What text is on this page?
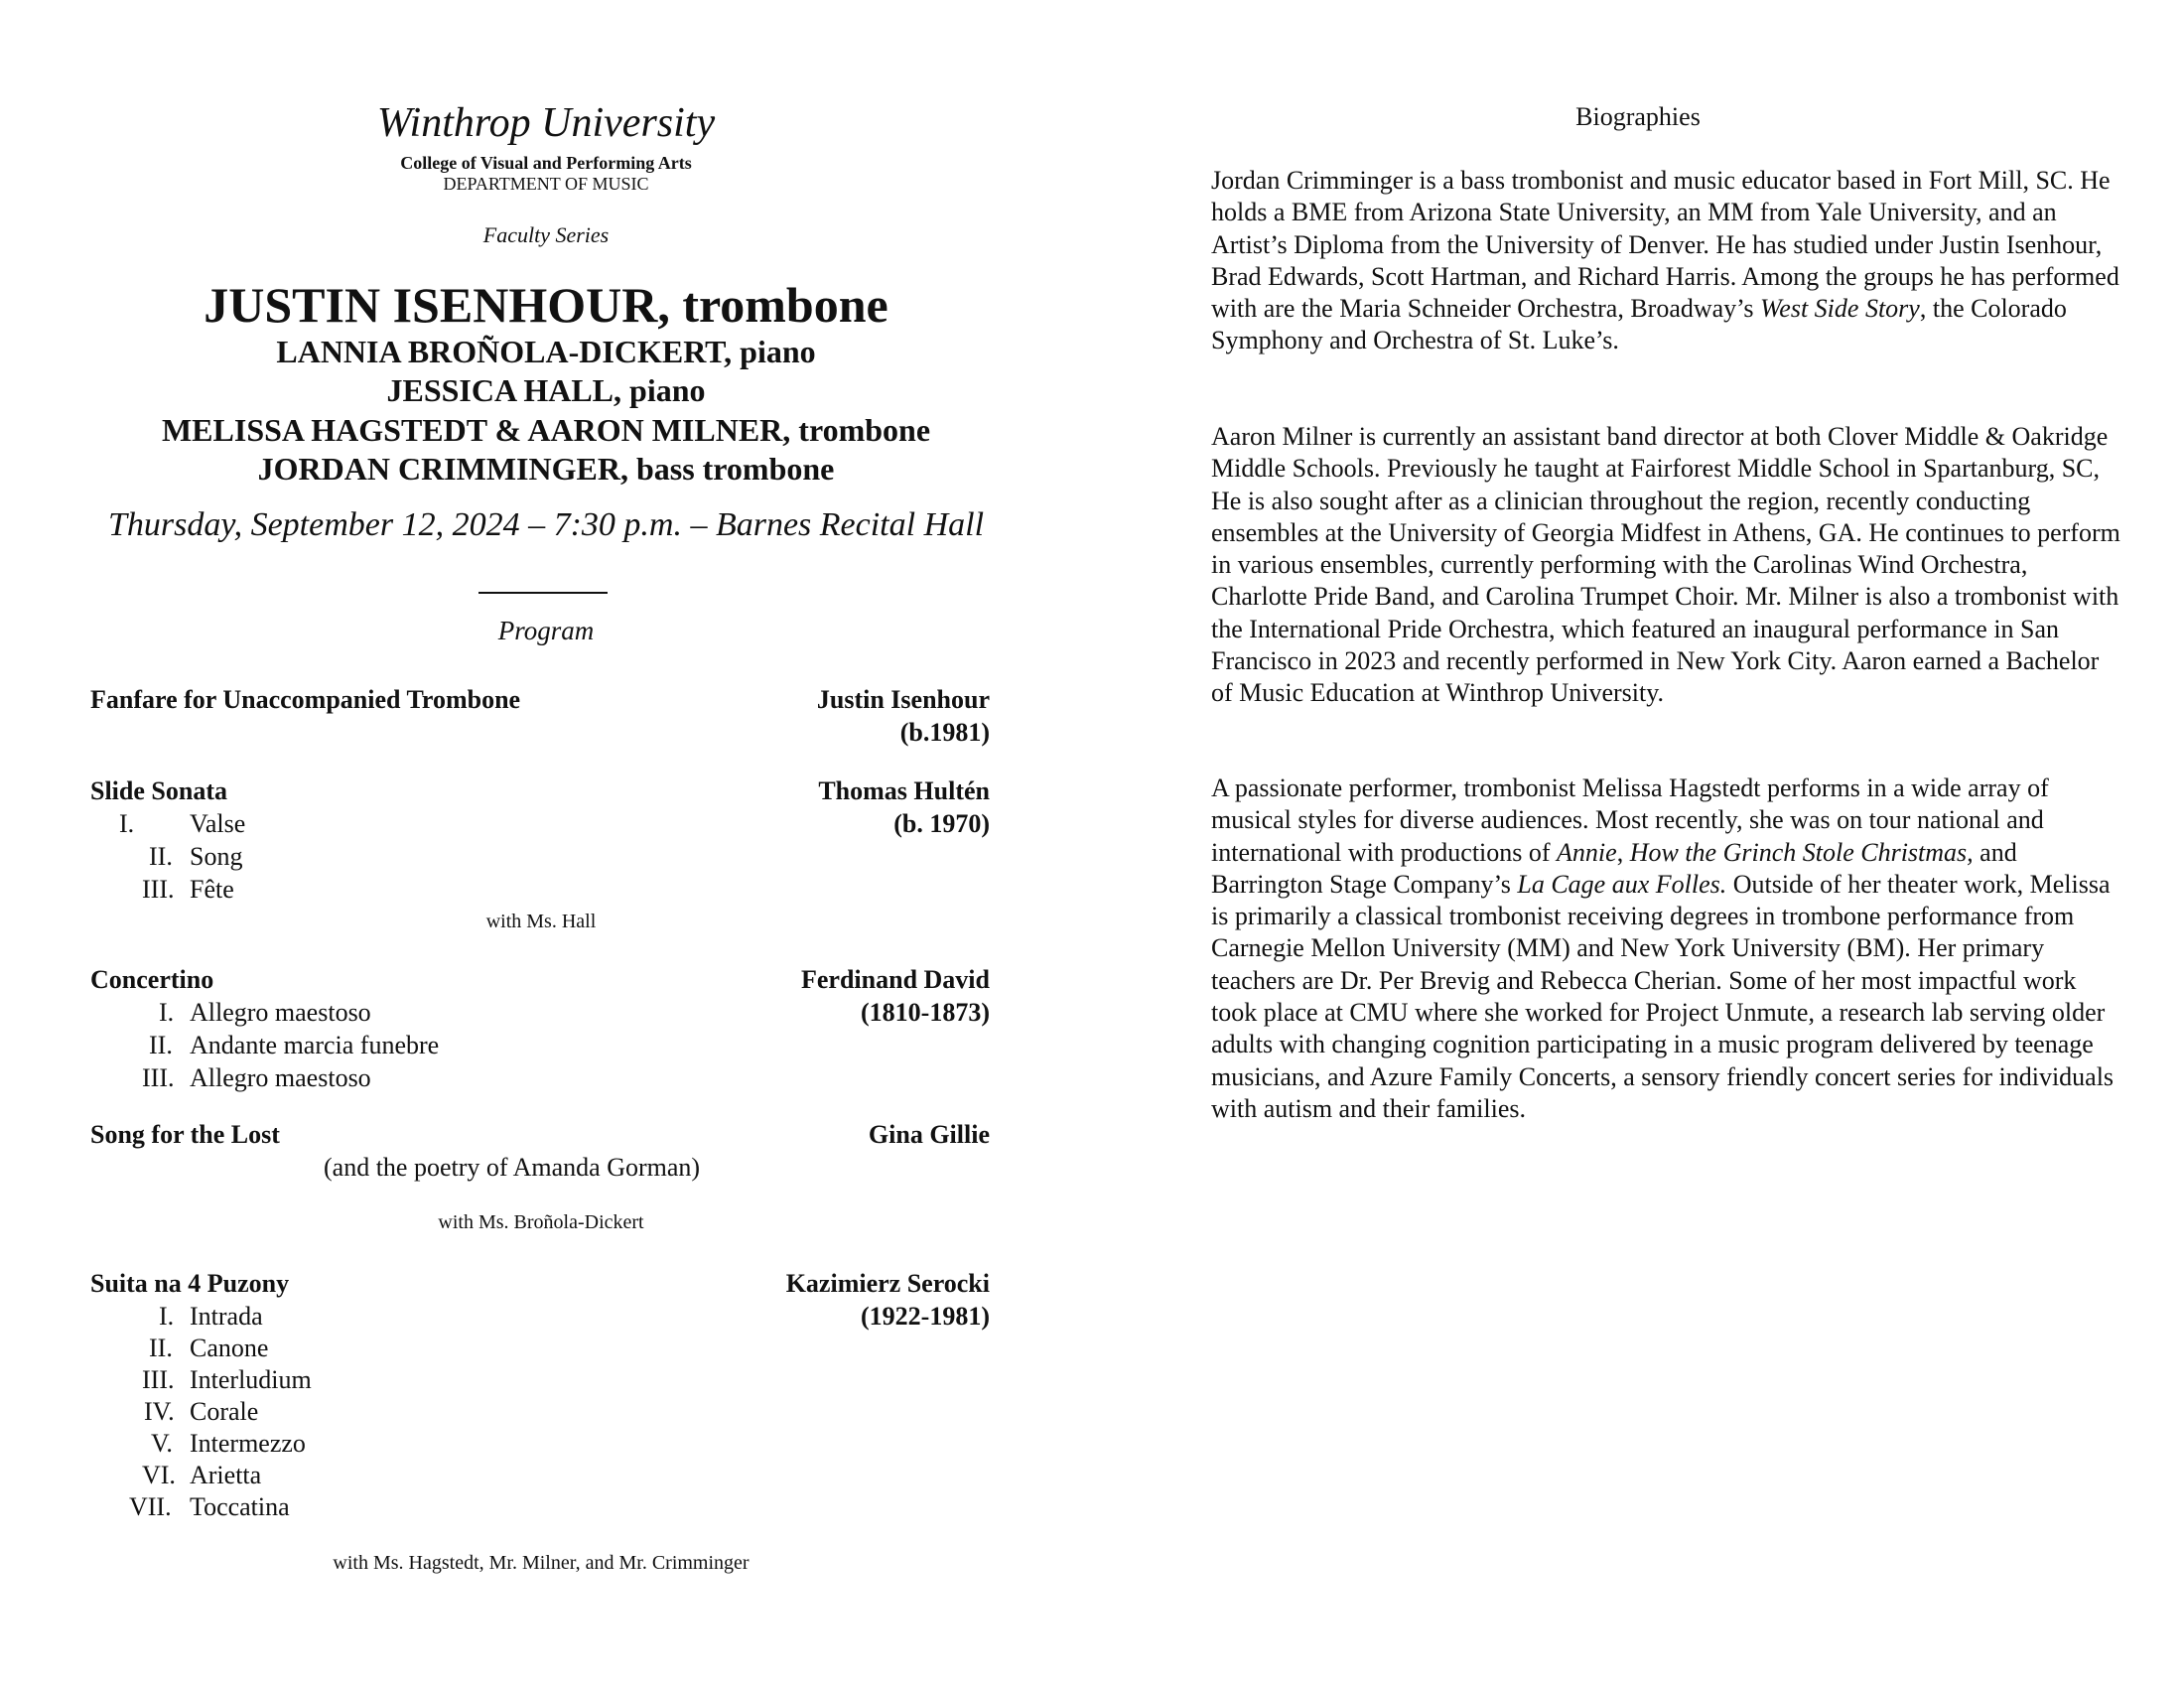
Winthrop University
College of Visual and Performing Arts
DEPARTMENT OF MUSIC
Faculty Series
JUSTIN ISENHOUR, trombone
LANNIA BROÑOLA-DICKERT, piano
JESSICA HALL, piano
MELISSA HAGSTEDT & AARON MILNER, trombone
JORDAN CRIMMINGER, bass trombone
Thursday, September 12, 2024 – 7:30 p.m. – Barnes Recital Hall
Program
Fanfare for Unaccompanied Trombone	Justin Isenhour
(b.1981)
Slide Sonata	Thomas Hultén
(b. 1970)
I. Valse
II. Song
III. Fête
with Ms. Hall
Concertino	Ferdinand David
(1810-1873)
I. Allegro maestoso
II. Andante marcia funebre
III. Allegro maestoso
Song for the Lost	Gina Gillie
(and the poetry of Amanda Gorman)
with Ms. Broñola-Dickert
Suita na 4 Puzony	Kazimierz Serocki
(1922-1981)
I. Intrada
II. Canone
III. Interludium
IV. Corale
V. Intermezzo
VI. Arietta
VII. Toccatina
with Ms. Hagstedt, Mr. Milner, and Mr. Crimminger
Biographies

Jordan Crimminger is a bass trombonist and music educator based in Fort Mill, SC. He holds a BME from Arizona State University, an MM from Yale University, and an Artist’s Diploma from the University of Denver. He has studied under Justin Isenhour, Brad Edwards, Scott Hartman, and Richard Harris. Among the groups he has performed with are the Maria Schneider Orchestra, Broadway’s West Side Story, the Colorado Symphony and Orchestra of St. Luke’s.

Aaron Milner is currently an assistant band director at both Clover Middle & Oakridge Middle Schools. Previously he taught at Fairforest Middle School in Spartanburg, SC, He is also sought after as a clinician throughout the region, recently conducting ensembles at the University of Georgia Midfest in Athens, GA. He continues to perform in various ensembles, currently performing with the Carolinas Wind Orchestra, Charlotte Pride Band, and Carolina Trumpet Choir. Mr. Milner is also a trombonist with the International Pride Orchestra, which featured an inaugural performance in San Francisco in 2023 and recently performed in New York City. Aaron earned a Bachelor of Music Education at Winthrop University.

A passionate performer, trombonist Melissa Hagstedt performs in a wide array of musical styles for diverse audiences. Most recently, she was on tour national and international with productions of Annie, How the Grinch Stole Christmas, and Barrington Stage Company’s La Cage aux Folles. Outside of her theater work, Melissa is primarily a classical trombonist receiving degrees in trombone performance from Carnegie Mellon University (MM) and New York University (BM). Her primary teachers are Dr. Per Brevig and Rebecca Cherian. Some of her most impactful work took place at CMU where she worked for Project Unmute, a research lab serving older adults with changing cognition participating in a music program delivered by teenage musicians, and Azure Family Concerts, a sensory friendly concert series for individuals with autism and their families.
